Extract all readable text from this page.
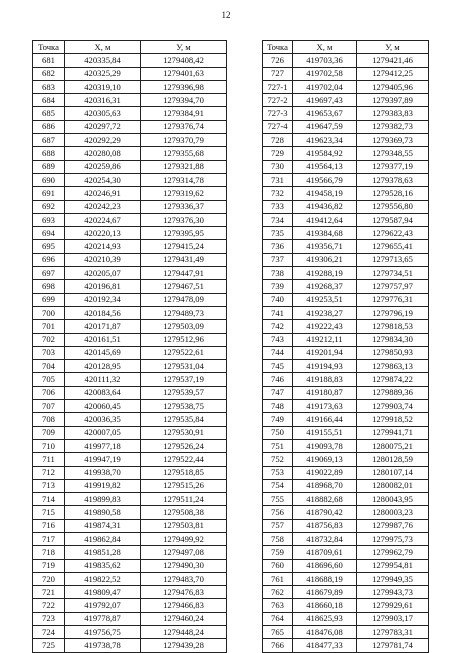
12
Точка	Х, м	У, м
681	420335,84	1279408,42
682	420325,29	1279401,63
683	420319,10	1279396,98
684	420316,31	1279394,70
685	420305,63	1279384,91
686	420297,72	1279376,74
687	420292,29	1279370,79
688	420280,08	1279355,68
689	420259,86	1279321,88
690	420254,30	1279314,78
691	420246,91	1279319,62
692	420242,23	1279336,37
693	420224,67	1279376,30
694	420220,13	1279395,95
695	420214,93	1279415,24
696	420210,39	1279431,49
697	420205,07	1279447,91
698	420196,81	1279467,51
699	420192,34	1279478,09
700	420184,56	1279489,73
701	420171,87	1279503,09
702	420161,51	1279512,96
703	420145,69	1279522,61
704	420128,95	1279531,04
705	420111,32	1279537,19
706	420083,64	1279539,57
707	420060,45	1279538,75
708	420036,35	1279535,84
709	420007,05	1279530,91
710	419977,18	1279526,24
711	419947,19	1279522,44
712	419938,70	1279518,85
713	419919,82	1279515,26
714	419899,83	1279511,24
715	419890,58	1279508,38
716	419874,31	1279503,81
717	419862,84	1279499,92
718	419851,28	1279497,08
719	419835,62	1279490,30
720	419822,52	1279483,70
721	419809,47	1279476,83
722	419792,07	1279466,83
723	419778,87	1279460,24
724	419756,75	1279448,24
725	419738,78	1279439,28
Точка	Х, м	У, м
726	419703,36	1279421,46
727	419702,58	1279412,25
727-1	419702,04	1279405,96
727-2	419697,43	1279397,89
727-3	419653,67	1279383,83
727-4	419647,59	1279382,73
728	419623,34	1279369,73
729	419584,92	1279348,55
730	419564,13	1279377,19
731	419566,79	1279378,63
732	419458,19	1279528,16
733	419436,82	1279556,80
734	419412,64	1279587,94
735	419384,68	1279622,43
736	419356,71	1279655,41
737	419306,21	1279713,65
738	419288,19	1279734,51
739	419268,37	1279757,97
740	419253,51	1279776,31
741	419238,27	1279796,19
742	419222,43	1279818,53
743	419212,11	1279834,30
744	419201,94	1279850,93
745	419194,93	1279863,13
746	419188,83	1279874,22
747	419180,87	1279889,36
748	419173,63	1279903,74
749	419166,44	1279918,52
750	419155,51	1279941,71
751	419093,78	1280075,21
752	419069,13	1280128,59
753	419022,89	1280107,14
754	418968,70	1280082,01
755	418882,68	1280043,95
756	418790,42	1280003,23
757	418756,83	1279987,76
758	418732,84	1279975,73
759	418709,61	1279962,79
760	418696,60	1279954,81
761	418688,19	1279949,35
762	418679,89	1279943,73
763	418660,18	1279929,61
764	418625,93	1279903,17
765	418476,08	1279783,31
766	418477,33	1279781,74
